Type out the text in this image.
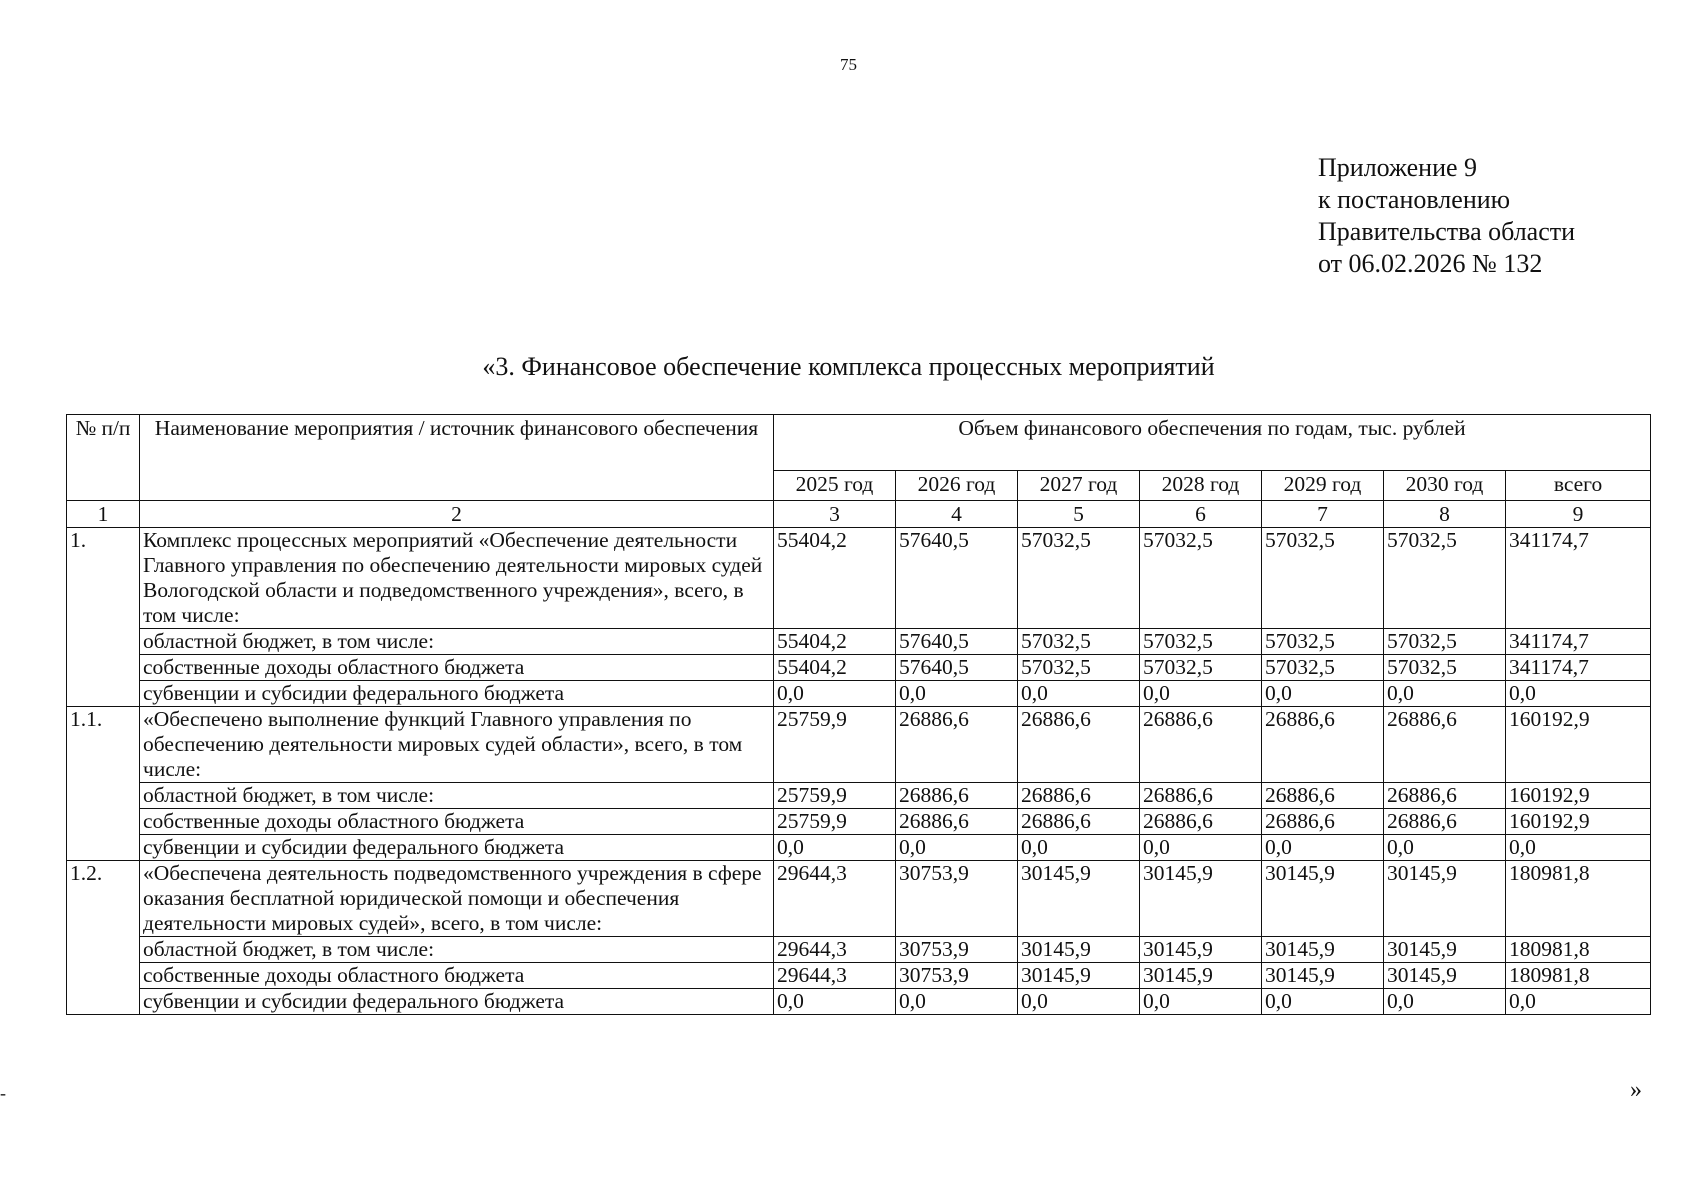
75
Приложение 9
к постановлению
Правительства области
от 06.02.2026 № 132
«3. Финансовое обеспечение комплекса процессных мероприятий
№ п/п	Наименование мероприятия / источник финансового обеспечения	Объем финансового обеспечения по годам, тыс. рублей						
		2025 год	2026 год	2027 год	2028 год	2029 год	2030 год	всего
1	2	3	4	5	6	7	8	9
1.	Комплекс процессных мероприятий «Обеспечение деятельности Главного управления по обеспечению деятельности мировых судей Вологодской области и подведомственного учреждения», всего, в том числе:	55404,2	57640,5	57032,5	57032,5	57032,5	57032,5	341174,7
	областной бюджет, в том числе:	55404,2	57640,5	57032,5	57032,5	57032,5	57032,5	341174,7
	собственные доходы областного бюджета	55404,2	57640,5	57032,5	57032,5	57032,5	57032,5	341174,7
	субвенции и субсидии федерального бюджета	0,0	0,0	0,0	0,0	0,0	0,0	0,0
1.1.	«Обеспечено выполнение функций Главного управления по обеспечению деятельности мировых судей области», всего, в том числе:	25759,9	26886,6	26886,6	26886,6	26886,6	26886,6	160192,9
	областной бюджет, в том числе:	25759,9	26886,6	26886,6	26886,6	26886,6	26886,6	160192,9
	собственные доходы областного бюджета	25759,9	26886,6	26886,6	26886,6	26886,6	26886,6	160192,9
	субвенции и субсидии федерального бюджета	0,0	0,0	0,0	0,0	0,0	0,0	0,0
1.2.	«Обеспечена деятельность подведомственного учреждения в сфере оказания бесплатной юридической помощи и обеспечения деятельности мировых судей», всего, в том числе:	29644,3	30753,9	30145,9	30145,9	30145,9	30145,9	180981,8
	областной бюджет, в том числе:	29644,3	30753,9	30145,9	30145,9	30145,9	30145,9	180981,8
	собственные доходы областного бюджета	29644,3	30753,9	30145,9	30145,9	30145,9	30145,9	180981,8
	субвенции и субсидии федерального бюджета	0,0	0,0	0,0	0,0	0,0	0,0	0,0
»
-
